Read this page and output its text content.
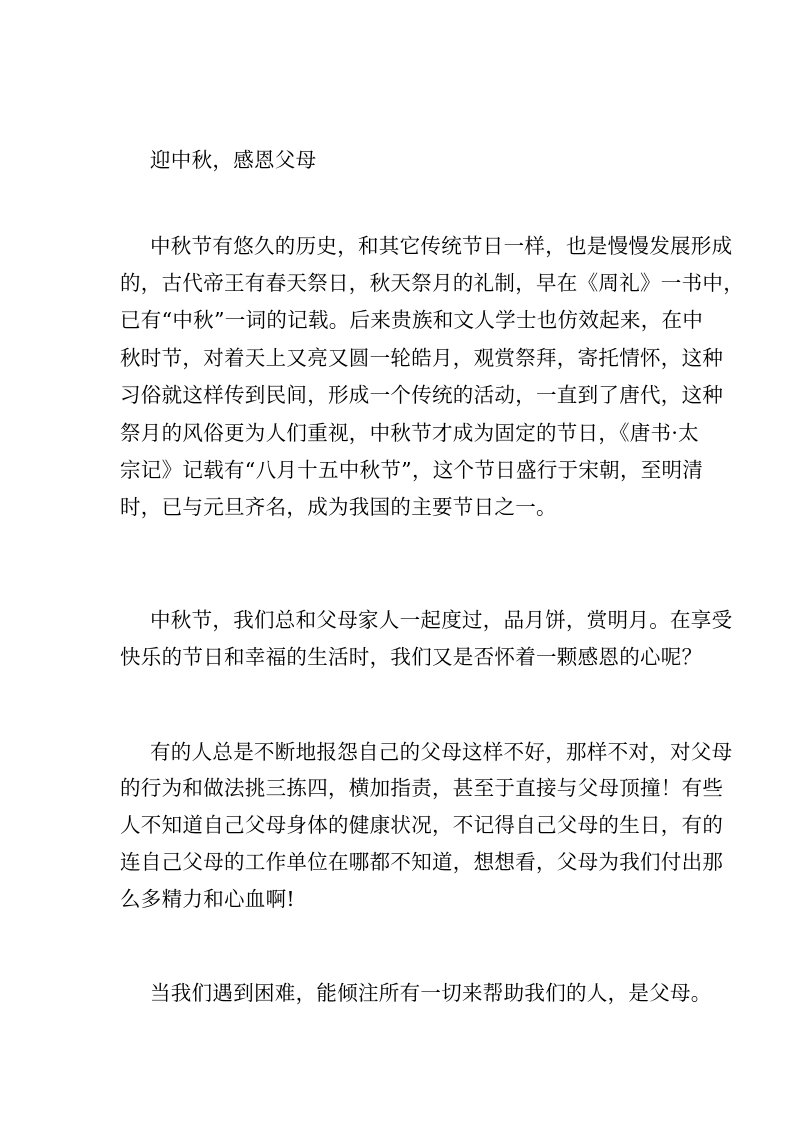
迎中秋，感恩父母
中秋节有悠久的历史，和其它传统节日一样，也是慢慢发展形成
的，古代帝王有春天祭日，秋天祭月的礼制，早在《周礼》一书中，
已有“中秋”一词的记载。后来贵族和文人学士也仿效起来，在中
秋时节，对着天上又亮又圆一轮皓月，观赏祭拜，寄托情怀，这种
习俗就这样传到民间，形成一个传统的活动，一直到了唐代，这种
祭月的风俗更为人们重视，中秋节才成为固定的节日，《唐书·太
宗记》记载有“八月十五中秋节”，这个节日盛行于宋朝，至明清
时，已与元旦齐名，成为我国的主要节日之一。
中秋节，我们总和父母家人一起度过，品月饼，赏明月。在享受
快乐的节日和幸福的生活时，我们又是否怀着一颗感恩的心呢？
有的人总是不断地报怨自己的父母这样不好，那样不对，对父母
的行为和做法挑三拣四，横加指责，甚至于直接与父母顶撞！有些
人不知道自己父母身体的健康状况，不记得自己父母的生日，有的
连自己父母的工作单位在哪都不知道，想想看，父母为我们付出那
么多精力和心血啊!
当我们遇到困难，能倾注所有一切来帮助我们的人，是父母。
